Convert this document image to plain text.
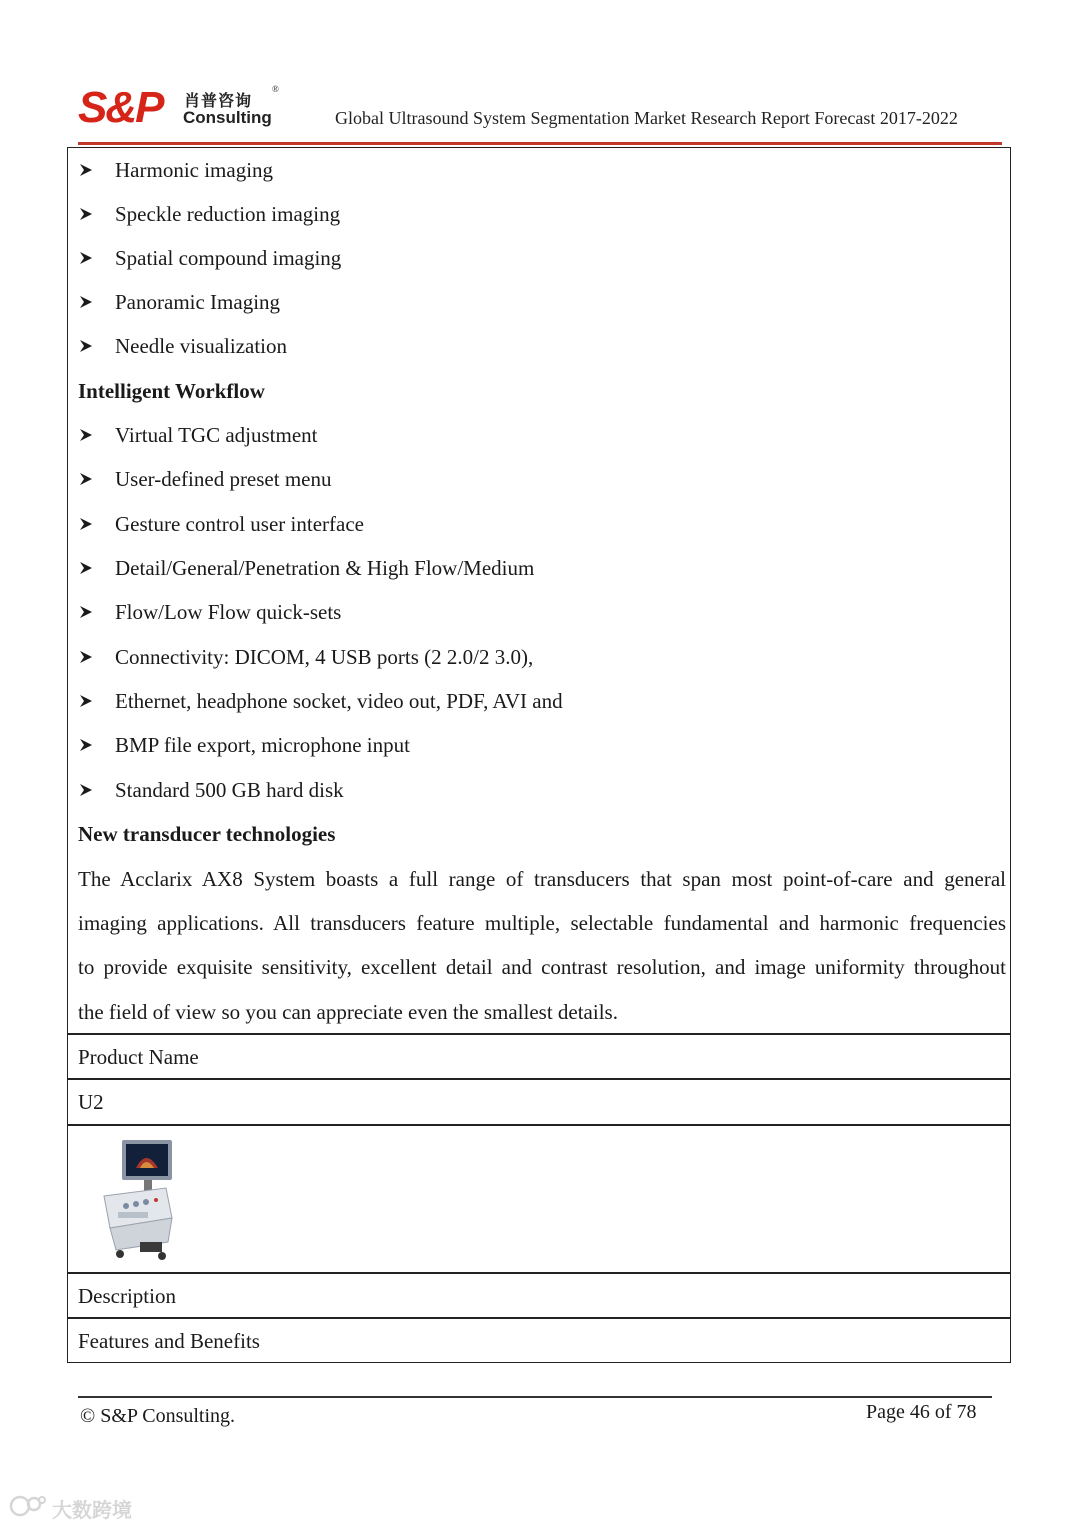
S&P 肖普咨询
Consulting
®
Global Ultrasound System Segmentation Market Research Report Forecast 2017-2022
Harmonic imaging
Speckle reduction imaging
Spatial compound imaging
Panoramic Imaging
Needle visualization
Intelligent Workflow
Virtual TGC adjustment
User-defined preset menu
Gesture control user interface
Detail/General/Penetration & High Flow/Medium
Flow/Low Flow quick-sets
Connectivity: DICOM, 4 USB ports (2 2.0/2 3.0),
Ethernet, headphone socket, video out, PDF, AVI and
BMP file export, microphone input
Standard 500 GB hard disk
New transducer technologies
The Acclarix AX8 System boasts a full range of transducers that span most point-of-care and general
imaging applications. All transducers feature multiple, selectable fundamental and harmonic frequencies
to provide exquisite sensitivity, excellent detail and contrast resolution, and image uniformity throughout
the field of view so you can appreciate even the smallest details.
Product Name
U2
Description
Features and Benefits
© S&P Consulting.	Page 46 of 78
大数跨境
